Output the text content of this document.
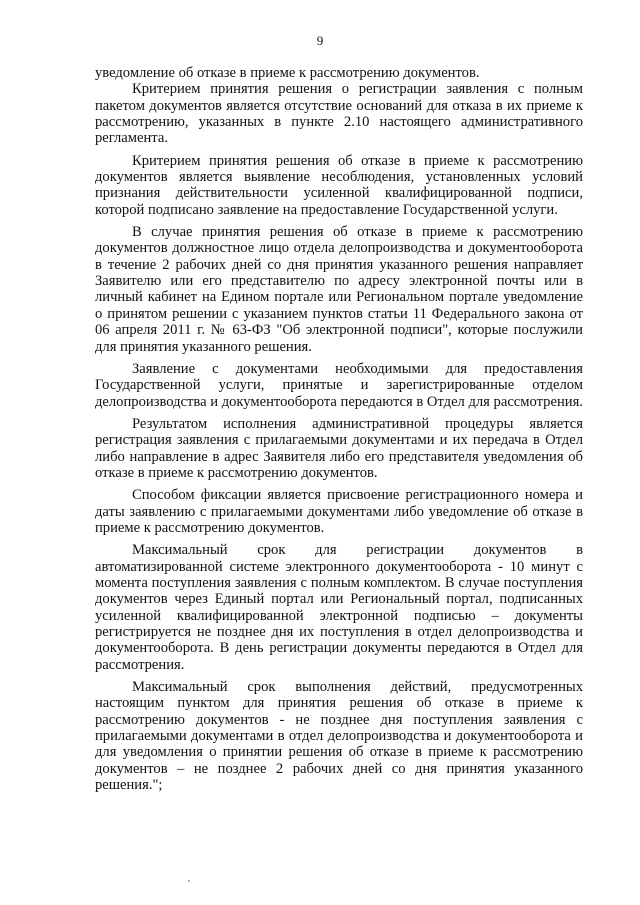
9

уведомление об отказе в приеме к рассмотрению документов.

Критерием принятия решения о регистрации заявления с полным пакетом документов является отсутствие оснований для отказа в их приеме к рассмотрению, указанных в пункте 2.10 настоящего административного регламента.

Критерием принятия решения об отказе в приеме к рассмотрению документов является выявление несоблюдения, установленных условий признания действительности усиленной квалифицированной подписи, которой подписано заявление на предоставление Государственной услуги.

В случае принятия решения об отказе в приеме к рассмотрению документов должностное лицо отдела делопроизводства и документооборота в течение 2 рабочих дней со дня принятия указанного решения направляет Заявителю или его представителю по адресу электронной почты или в личный кабинет на Едином портале или Региональном портале уведомление о принятом решении с указанием пунктов статьи 11 Федерального закона от 06 апреля 2011 г. № 63-ФЗ "Об электронной подписи", которые послужили для принятия указанного решения.

Заявление с документами необходимыми для предоставления Государственной услуги, принятые и зарегистрированные отделом делопроизводства и документооборота передаются в Отдел для рассмотрения.

Результатом исполнения административной процедуры является регистрация заявления с прилагаемыми документами и их передача в Отдел либо направление в адрес Заявителя либо его представителя уведомления об отказе в приеме к рассмотрению документов.

Способом фиксации является присвоение регистрационного номера и даты заявлению с прилагаемыми документами либо уведомление об отказе в приеме к рассмотрению документов.

Максимальный срок для регистрации документов в автоматизированной системе электронного документооборота - 10 минут с момента поступления заявления с полным комплектом. В случае поступления документов через Единый портал или Региональный портал, подписанных усиленной квалифицированной электронной подписью – документы регистрируется не позднее дня их поступления в отдел делопроизводства и документооборота. В день регистрации документы передаются в Отдел для рассмотрения.

Максимальный срок выполнения действий, предусмотренных настоящим пунктом для принятия решения об отказе в приеме к рассмотрению документов - не позднее дня поступления заявления с прилагаемыми документами в отдел делопроизводства и документооборота и для уведомления о принятии решения об отказе в приеме к рассмотрению документов – не позднее 2 рабочих дней со дня принятия указанного решения.";
